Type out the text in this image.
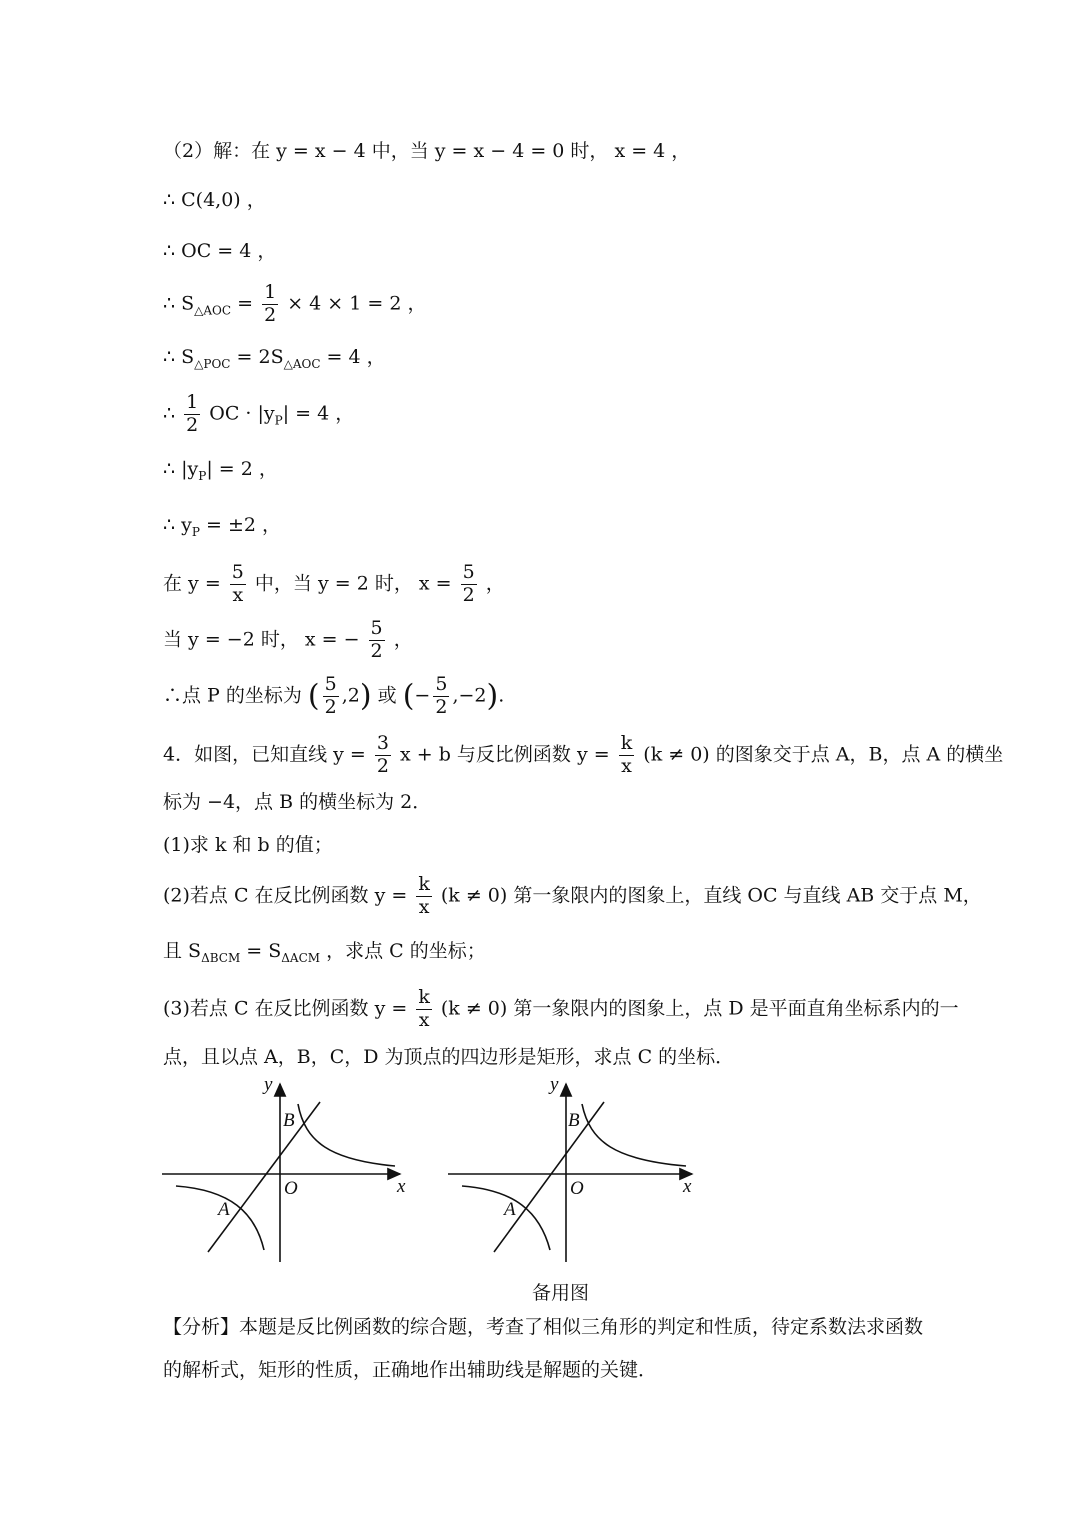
（2）解：在 y = x − 4 中，当 y = x − 4 = 0 时， x = 4 ，
∴ C(4,0) ，
∴ OC = 4 ，
∴ $S_{\triangle AOC} = \frac{1}{2} \times 4 \times 1 = 2$ ，
∴ $S_{\triangle POC} = 2S_{\triangle AOC} = 4$ ，
∴ $\frac{1}{2}$ OC · $|y_P| = 4$ ，
∴ $|y_P| = 2$ ，
∴ $y_P = \pm 2$ ，
在 $y = \frac{5}{x}$ 中，当 y = 2 时， $x = \frac{5}{2}$ ，
当 y = −2 时， x = − $\frac{5}{2}$ ，
∴点 P 的坐标为 ( $\frac{5}{2} ,2$) 或 (− $\frac{5}{2} ,-2$).
4．如图，已知直线 $y = \frac{3}{2}$ x + b 与反比例函数 $y = \frac{k}{x} (k \ne 0)$ 的图象交于点 A，B，点 A 的横坐
标为 −4，点 B 的横坐标为 2．
(1)求 k 和 b 的值；
(2)若点 C 在反比例函数 $y = \frac{k}{x} (k \ne 0)$ 第一象限内的图象上，直线 OC 与直线 AB 交于点 M，
且 $S_{\Delta BCM} = S_{\Delta ACM}$ ，求点 C 的坐标；
(3)若点 C 在反比例函数 $y = \frac{k}{x} (k \ne 0)$ 第一象限内的图象上，点 D 是平面直角坐标系内的一
点，且以点 A，B，C，D 为顶点的四边形是矩形，求点 C 的坐标．
y
x
O
A
B
y
x
O
A
B
备用图
【分析】本题是反比例函数的综合题，考查了相似三角形的判定和性质，待定系数法求函数
的解析式，矩形的性质，正确地作出辅助线是解题的关键．
